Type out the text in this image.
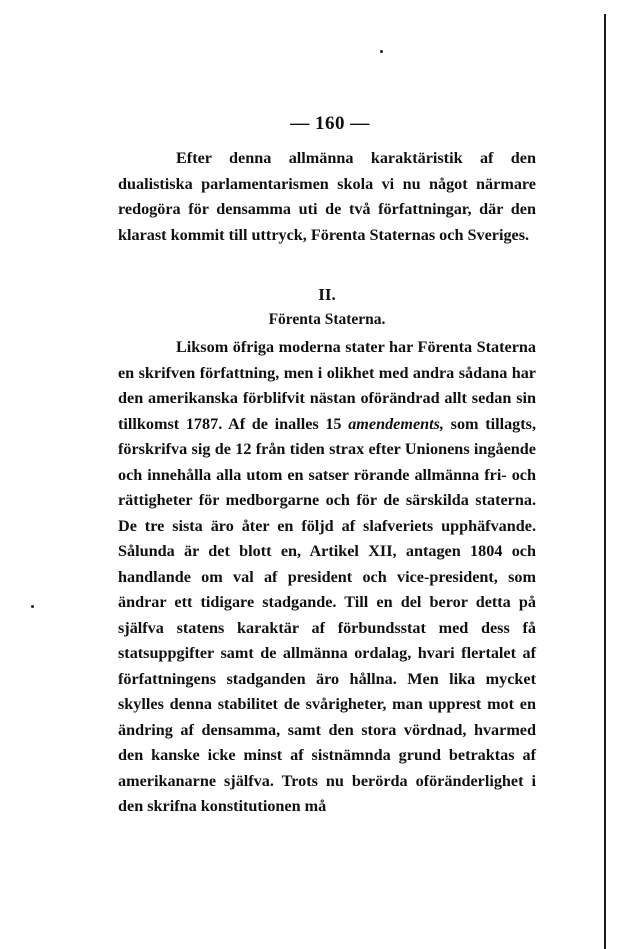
— 160 —

Efter denna allmänna karaktäristik af den dualistiska parlamentarismen skola vi nu något närmare redogöra för densamma uti de två författningar, där den klarast kommit till uttryck, Förenta Staternas och Sveriges.

II.
Förenta Staterna.

Liksom öfriga moderna stater har Förenta Staterna en skrifven författning, men i olikhet med andra sådana har den amerikanska förblifvit nästan oförändrad allt sedan sin tillkomst 1787. Af de inalles 15 amendements, som tillagts, förskrifva sig de 12 från tiden strax efter Unionens ingående och innehålla alla utom en satser rörande allmänna fri- och rättigheter för medborgarne och för de särskilda staterna. De tre sista äro åter en följd af slafveriets upphäfvande. Sålunda är det blott en, Artikel XII, antagen 1804 och handlande om val af president och vice-president, som ändrar ett tidigare stadgande. Till en del beror detta på själfva statens karaktär af förbundsstat med dess få statsuppgifter samt de allmänna ordalag, hvari flertalet af författningens stadganden äro hållna. Men lika mycket skylles denna stabilitet de svårigheter, man upprest mot en ändring af densamma, samt den stora vördnad, hvarmed den kanske icke minst af sistnämnda grund betraktas af amerikanarne själfva. Trots nu berörda oföränderlighet i den skrifna konstitutionen må
